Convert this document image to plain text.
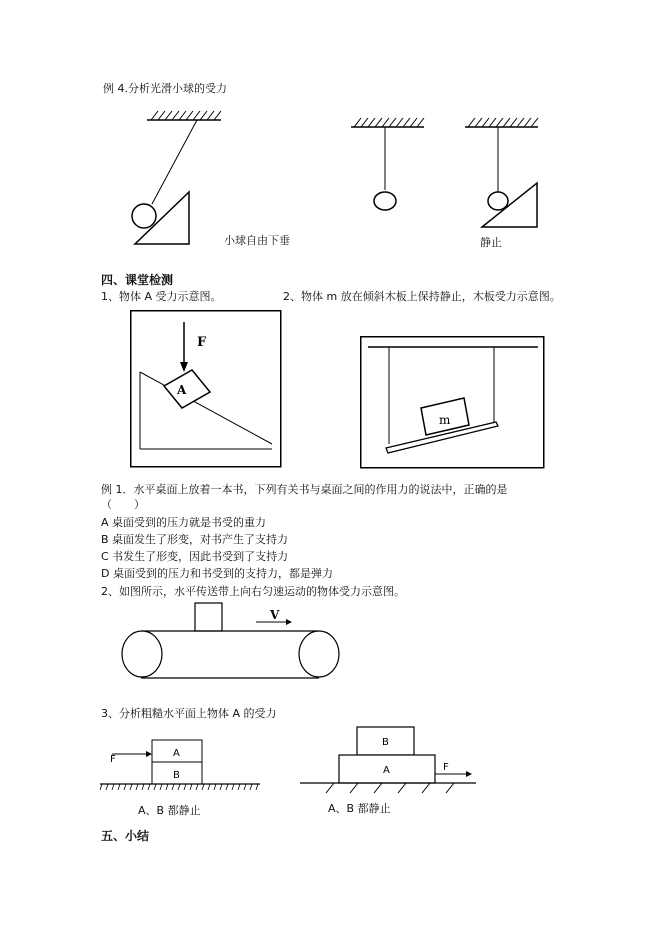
例 4.分析光滑小球的受力
小球自由下垂	静止
四、课堂检测
1、物体 A 受力示意图。	2、物体 m 放在倾斜木板上保持静止，木板受力示意图。
F
A
m
例 1．水平桌面上放着一本书，下列有关书与桌面之间的作用力的说法中，正确的是
（　　）
A 桌面受到的压力就是书受的重力
B 桌面发生了形变，对书产生了支持力
C 书发生了形变，因此书受到了支持力
D 桌面受到的压力和书受到的支持力，都是弹力
2、如图所示，水平传送带上向右匀速运动的物体受力示意图。
V
3、分析粗糙水平面上物体 A 的受力
F
A
B
A、B 都静止
B
A	F
A、B 都静止
五、小结
